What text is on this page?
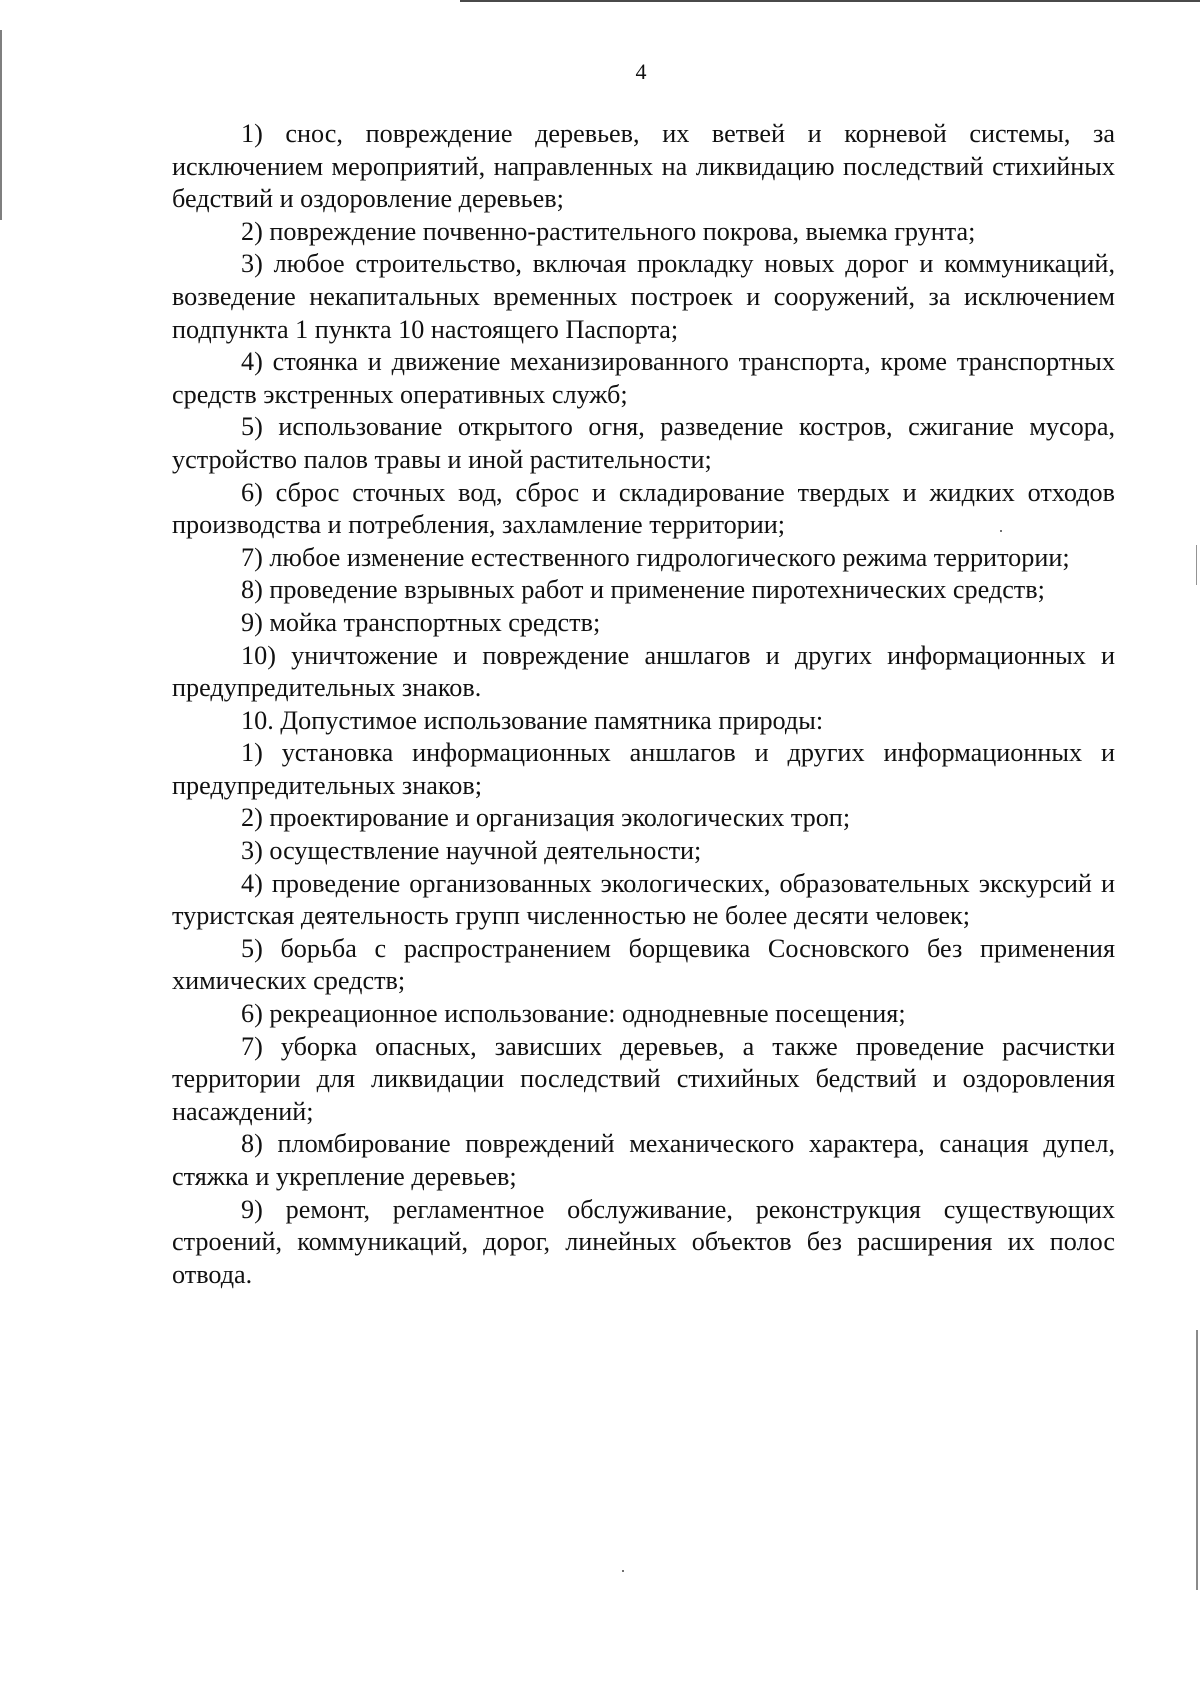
4

1) снос, повреждение деревьев, их ветвей и корневой системы, за исключением мероприятий, направленных на ликвидацию последствий стихийных бедствий и оздоровление деревьев;

2) повреждение почвенно-растительного покрова, выемка грунта;

3) любое строительство, включая прокладку новых дорог и коммуникаций, возведение некапитальных временных построек и сооружений, за исключением подпункта 1 пункта 10 настоящего Паспорта;

4) стоянка и движение механизированного транспорта, кроме транспортных средств экстренных оперативных служб;

5) использование открытого огня, разведение костров, сжигание мусора, устройство палов травы и иной растительности;

6) сброс сточных вод, сброс и складирование твердых и жидких отходов производства и потребления, захламление территории;

7) любое изменение естественного гидрологического режима территории;

8) проведение взрывных работ и применение пиротехнических средств;

9) мойка транспортных средств;

10) уничтожение и повреждение аншлагов и других информационных и предупредительных знаков.

10. Допустимое использование памятника природы:

1) установка информационных аншлагов и других информационных и предупредительных знаков;

2) проектирование и организация экологических троп;

3) осуществление научной деятельности;

4) проведение организованных экологических, образовательных экскурсий и туристская деятельность групп численностью не более десяти человек;

5) борьба с распространением борщевика Сосновского без применения химических средств;

6) рекреационное использование: однодневные посещения;

7) уборка опасных, зависших деревьев, а также проведение расчистки территории для ликвидации последствий стихийных бедствий и оздоровления насаждений;

8) пломбирование повреждений механического характера, санация дупел, стяжка и укрепление деревьев;

9) ремонт, регламентное обслуживание, реконструкция существующих строений, коммуникаций, дорог, линейных объектов без расширения их полос отвода.
